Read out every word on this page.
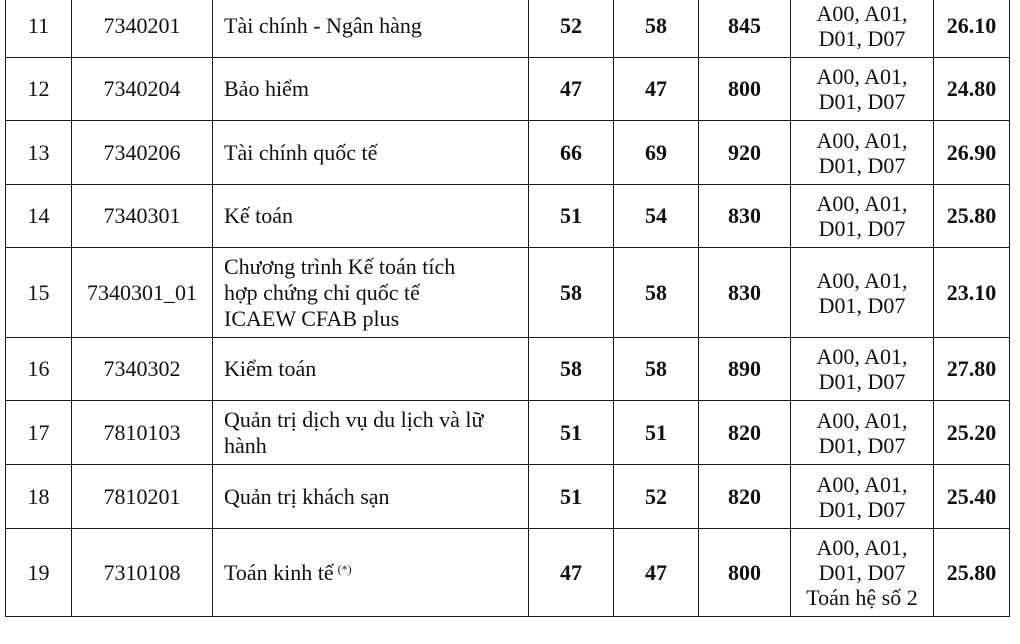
11	7340201	Tài chính - Ngân hàng	52	58	845	A00, A01,
D01, D07	26.10
12	7340204	Bảo hiểm	47	47	800	A00, A01,
D01, D07	24.80
13	7340206	Tài chính quốc tế	66	69	920	A00, A01,
D01, D07	26.90
14	7340301	Kế toán	51	54	830	A00, A01,
D01, D07	25.80
15	7340301_01	Chương trình Kế toán tích
hợp chứng chỉ quốc tế
ICAEW CFAB plus	58	58	830	A00, A01,
D01, D07	23.10
16	7340302	Kiểm toán	58	58	890	A00, A01,
D01, D07	27.80
17	7810103	Quản trị dịch vụ du lịch và lữ
hành	51	51	820	A00, A01,
D01, D07	25.20
18	7810201	Quản trị khách sạn	51	52	820	A00, A01,
D01, D07	25.40
19	7310108	Toán kinh tế (*)	47	47	800	A00, A01,
D01, D07
Toán hệ số 2	25.80
